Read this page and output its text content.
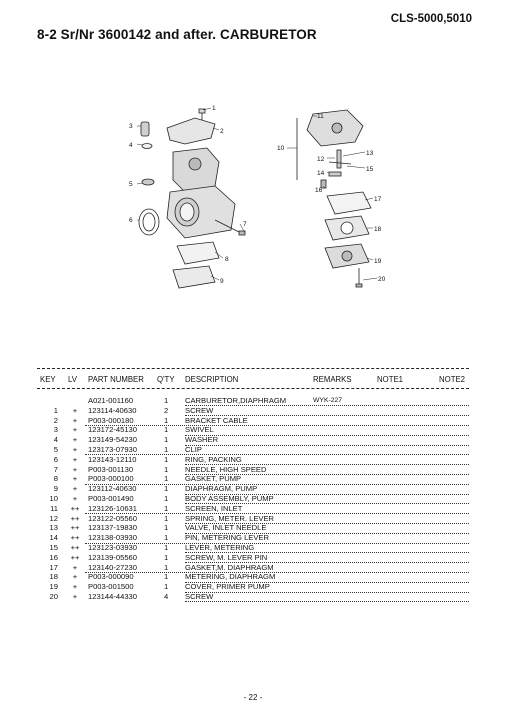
CLS-5000,5010
8-2 Sr/Nr 3600142 and after. CARBURETOR
1
2
3
4
5
6
7
8
9
10
11
12
13
14
15
16
17
18
19
20
KEY LV PART NUMBER Q'TY DESCRIPTION	REMARKS	NOTE1	NOTE2
A021-001160	1 CARBURETOR,DIAPHRAGM	WYK-227
1	+	123114-40630	2 SCREW
2	+	P003-000180	1 BRACKET CABLE
3	+	123172-45130	1 SWIVEL
4	+	123149-54230	1 WASHER
5	+	123173-07930	1 CLIP
6	+	123143-12110	1 RING, PACKING
7	+	P003-001130	1 NEEDLE, HIGH SPEED
8	+	P003-000100	1 GASKET, PUMP
9	+	123112-40630	1 DIAPHRAGM, PUMP
10	+	P003-001490	1 BODY ASSEMBLY, PUMP
11	++	123126-10631	1 SCREEN, INLET
12	++	123122-05560	1 SPRING, METER. LEVER
13	++	123137-19830	1 VALVE, INLET NEEDLE
14	++	123138-03930	1 PIN, METERING LEVER
15	++	123123-03930	1 LEVER, METERING
16	++	123139-05560	1 SCREW, M. LEVER PIN
17	+	123140-27230	1 GASKET,M. DIAPHRAGM
18	+	P003-000090	1 METERING, DIAPHRAGM
19	+	P003-001500	1 COVER, PRIMER PUMP
20	+	123144-44330	4 SCREW
- 22 -
